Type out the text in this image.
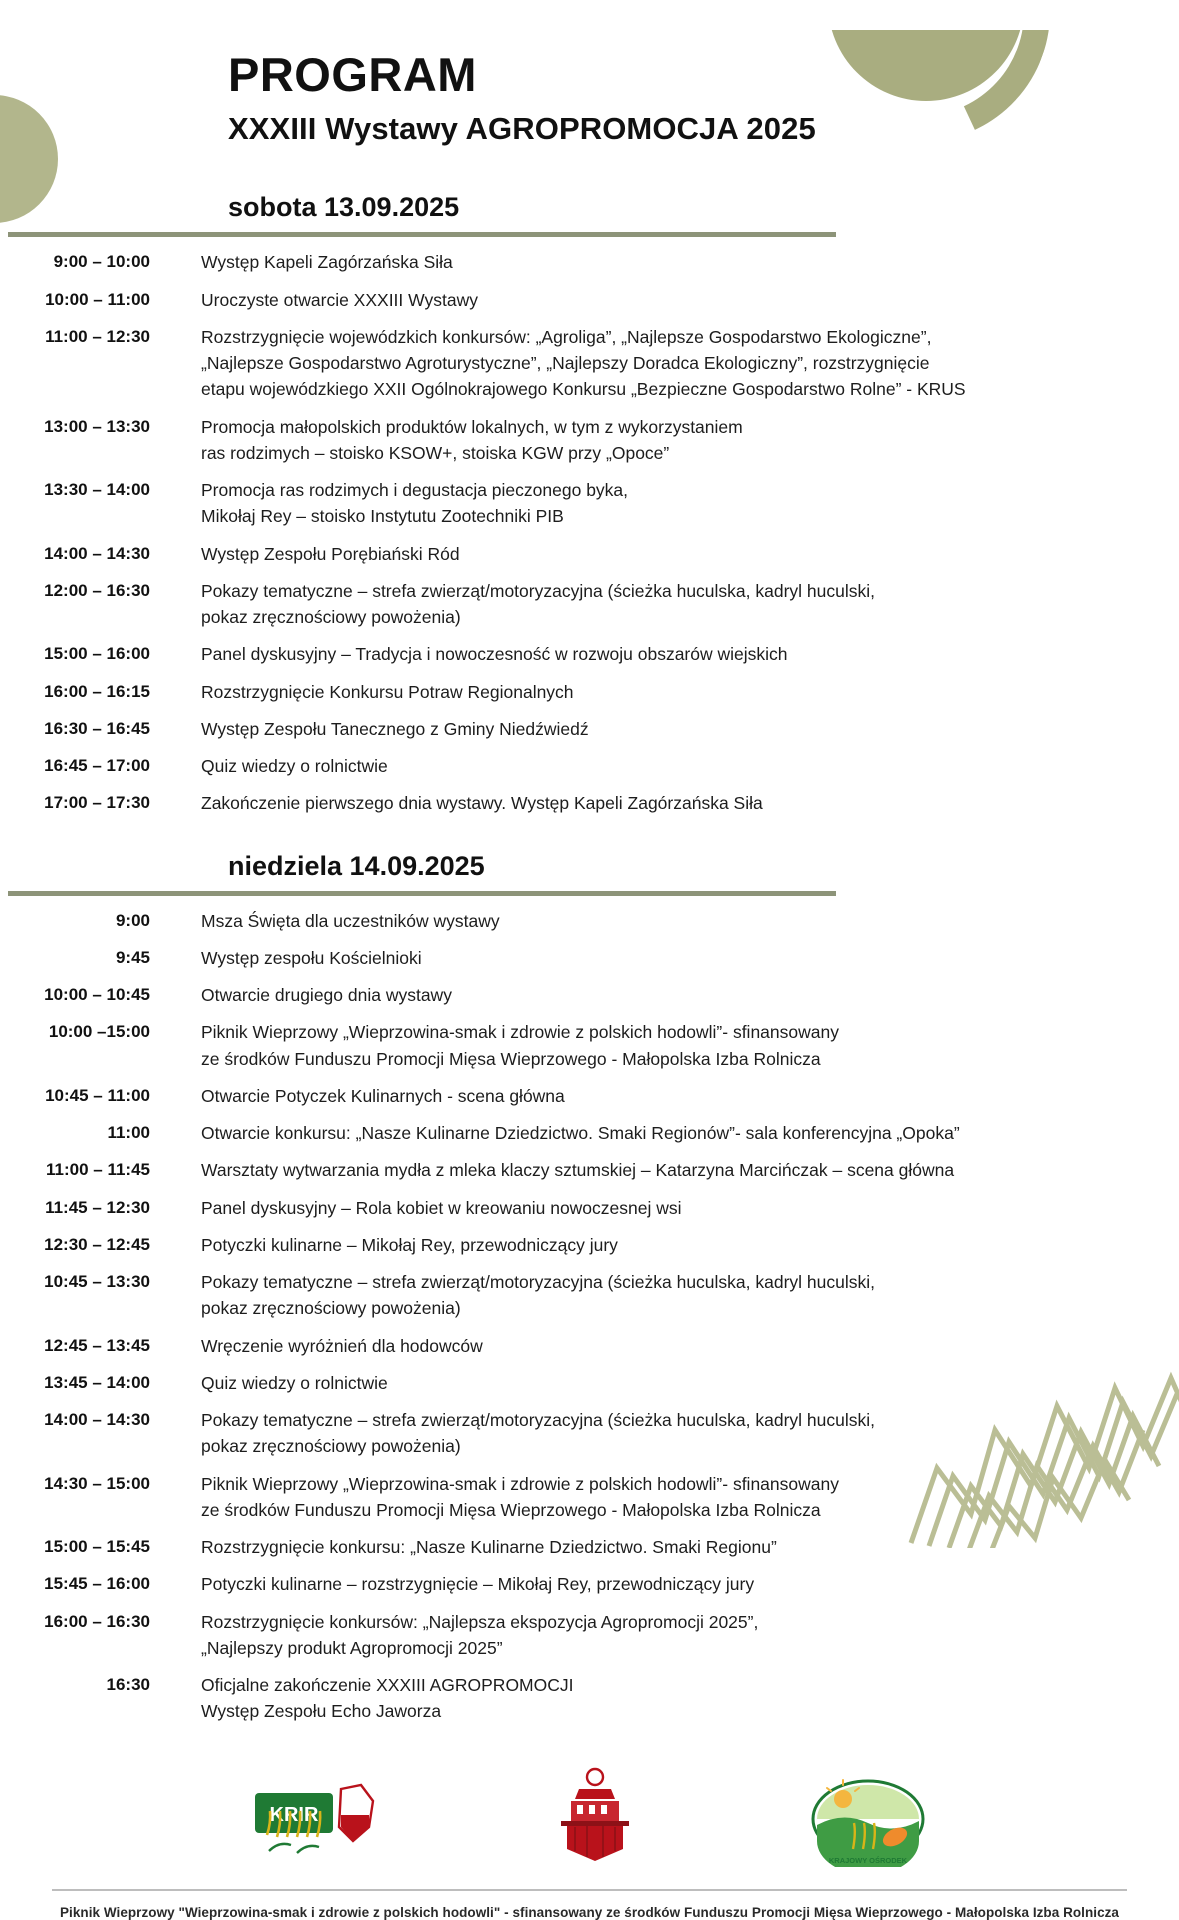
PROGRAM
XXXIII Wystawy AGROPROMOCJA 2025
sobota 13.09.2025
9:00 – 10:00	Występ Kapeli Zagórzańska Siła
10:00 – 11:00	Uroczyste otwarcie XXXIII Wystawy
11:00 – 12:30	Rozstrzygnięcie wojewódzkich konkursów: „Agroliga”, „Najlepsze Gospodarstwo Ekologiczne”,
„Najlepsze Gospodarstwo Agroturystyczne”, „Najlepszy Doradca Ekologiczny”, rozstrzygnięcie
etapu wojewódzkiego XXII Ogólnokrajowego Konkursu „Bezpieczne Gospodarstwo Rolne” - KRUS
13:00 – 13:30	Promocja małopolskich produktów lokalnych, w tym z wykorzystaniem
ras rodzimych – stoisko KSOW+, stoiska KGW przy „Opoce”
13:30 – 14:00	Promocja ras rodzimych i degustacja pieczonego byka,
Mikołaj Rey – stoisko Instytutu Zootechniki PIB
14:00 – 14:30	Występ Zespołu Porębiański Ród
12:00 – 16:30	Pokazy tematyczne – strefa zwierząt/motoryzacyjna (ścieżka huculska, kadryl huculski,
pokaz zręcznościowy powożenia)
15:00 – 16:00	Panel dyskusyjny – Tradycja i nowoczesność w rozwoju obszarów wiejskich
16:00 – 16:15	Rozstrzygnięcie Konkursu Potraw Regionalnych
16:30 – 16:45	Występ Zespołu Tanecznego z Gminy Niedźwiedź
16:45 – 17:00	Quiz wiedzy o rolnictwie
17:00 – 17:30	Zakończenie pierwszego dnia wystawy. Występ Kapeli Zagórzańska Siła
niedziela 14.09.2025
9:00	Msza Święta dla uczestników wystawy
9:45	Występ zespołu Kościelnioki
10:00 – 10:45	Otwarcie drugiego dnia wystawy
10:00 –15:00	Piknik Wieprzowy „Wieprzowina-smak i zdrowie z polskich hodowli”- sfinansowany
ze środków Funduszu Promocji Mięsa Wieprzowego - Małopolska Izba Rolnicza
10:45 – 11:00	Otwarcie Potyczek Kulinarnych - scena główna
11:00	Otwarcie konkursu: „Nasze Kulinarne Dziedzictwo. Smaki Regionów”- sala konferencyjna „Opoka”
11:00 – 11:45	Warsztaty wytwarzania mydła z mleka klaczy sztumskiej – Katarzyna Marcińczak – scena główna
11:45 – 12:30	Panel dyskusyjny – Rola kobiet w kreowaniu nowoczesnej wsi
12:30 – 12:45	Potyczki kulinarne – Mikołaj Rey, przewodniczący jury
10:45 – 13:30	Pokazy tematyczne – strefa zwierząt/motoryzacyjna (ścieżka huculska, kadryl huculski,
pokaz zręcznościowy powożenia)
12:45 – 13:45	Wręczenie wyróżnień dla hodowców
13:45 – 14:00	Quiz wiedzy o rolnictwie
14:00 – 14:30	Pokazy tematyczne – strefa zwierząt/motoryzacyjna (ścieżka huculska, kadryl huculski,
pokaz zręcznościowy powożenia)
14:30 – 15:00	Piknik Wieprzowy „Wieprzowina-smak i zdrowie z polskich hodowli”- sfinansowany
ze środków Funduszu Promocji Mięsa Wieprzowego - Małopolska Izba Rolnicza
15:00 – 15:45	Rozstrzygnięcie konkursu: „Nasze Kulinarne Dziedzictwo. Smaki Regionu”
15:45 – 16:00	Potyczki kulinarne – rozstrzygnięcie – Mikołaj Rey, przewodniczący jury
16:00 – 16:30	Rozstrzygnięcie konkursów: „Najlepsza ekspozycja Agropromocji 2025”,
„Najlepszy produkt Agropromocji 2025”
16:30	Oficjalne zakończenie XXXIII AGROPROMOCJI
Występ Zespołu Echo Jaworza
KRIR
KRAJOWY OŚRODEK
Piknik Wieprzowy "Wieprzowina-smak i zdrowie z polskich hodowli" - sfinansowany ze środków Funduszu Promocji Mięsa Wieprzowego - Małopolska Izba Rolnicza
